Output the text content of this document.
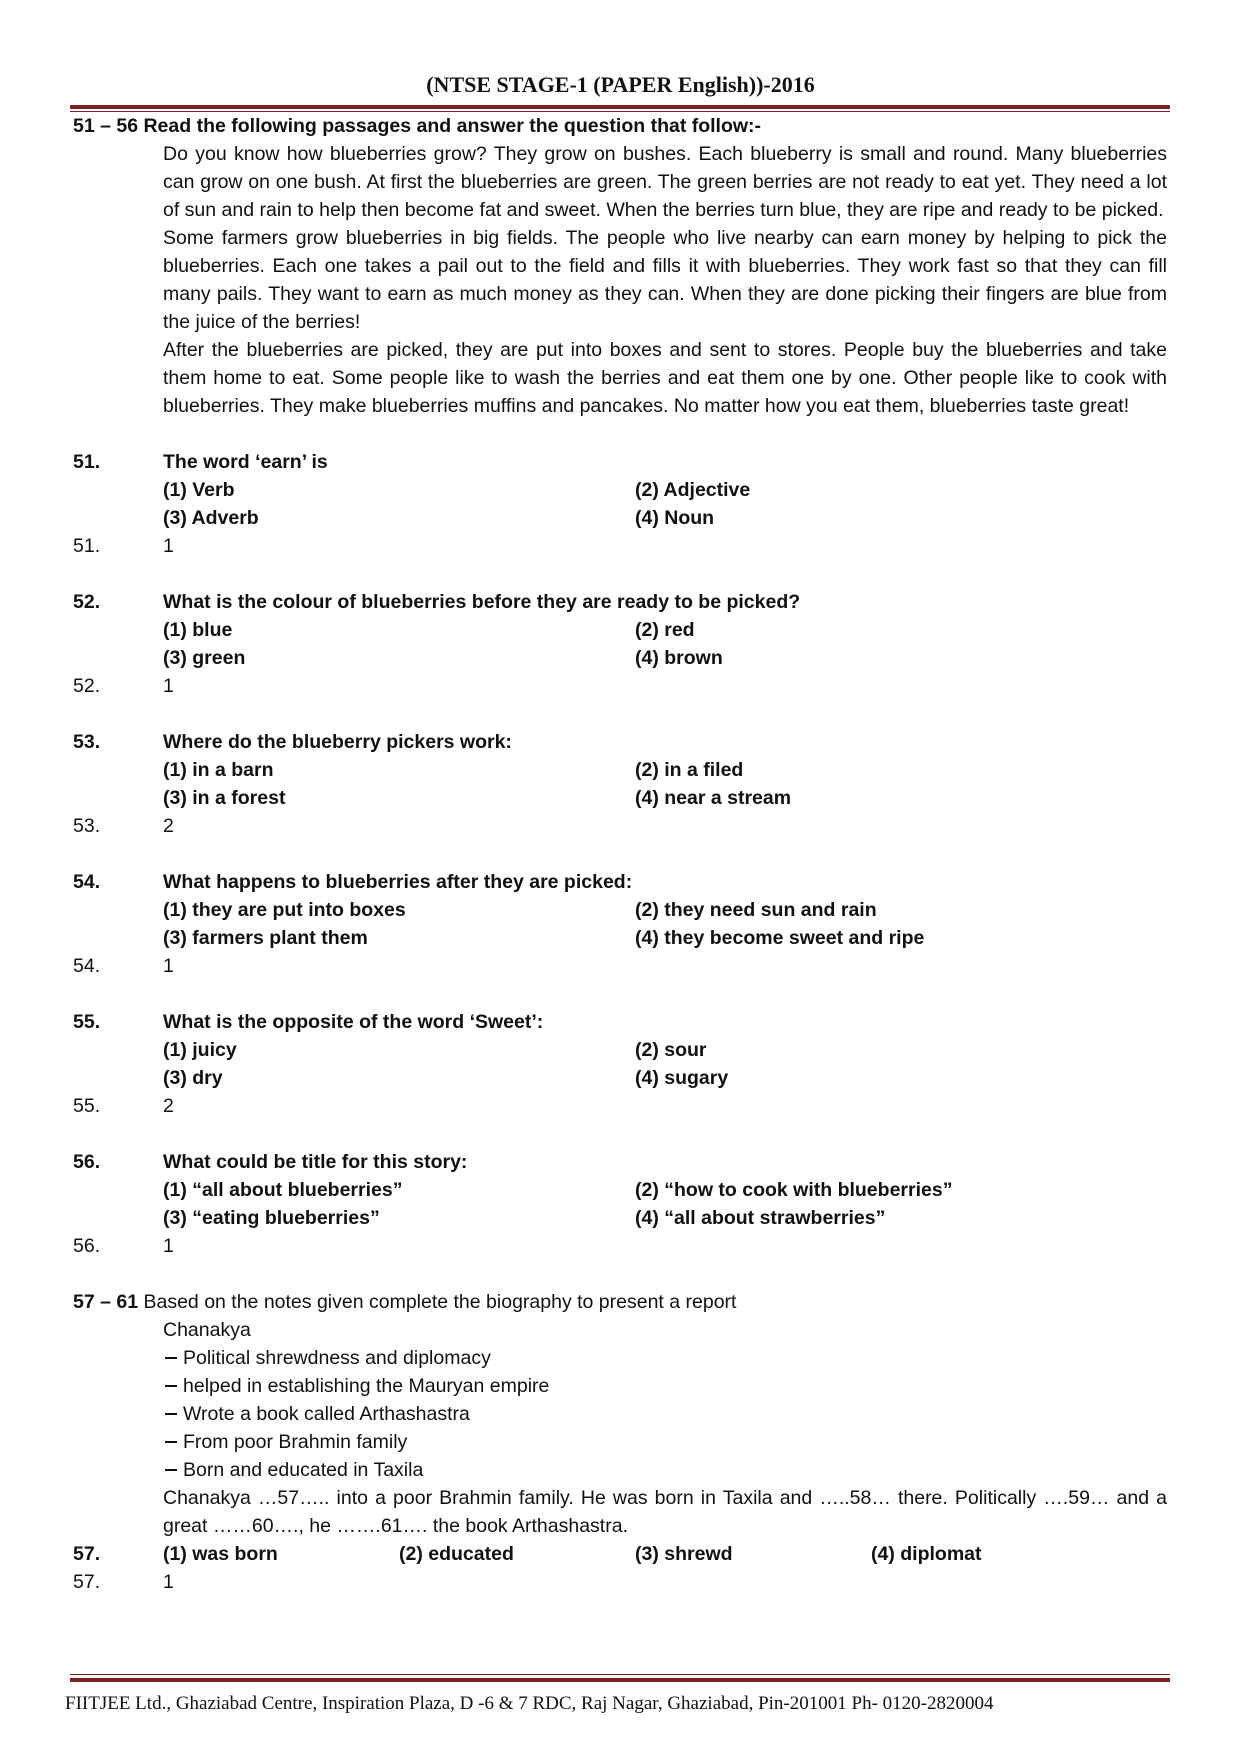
(NTSE STAGE-1 (PAPER English))-2016
51 – 56 Read the following passages and answer the question that follow:-

Do you know how blueberries grow? They grow on bushes. Each blueberry is small and round. Many blueberries can grow on one bush. At first the blueberries are green. The green berries are not ready to eat yet. They need a lot of sun and rain to help then become fat and sweet. When the berries turn blue, they are ripe and ready to be picked.

Some farmers grow blueberries in big fields. The people who live nearby can earn money by helping to pick the blueberries. Each one takes a pail out to the field and fills it with blueberries. They work fast so that they can fill many pails. They want to earn as much money as they can. When they are done picking their fingers are blue from the juice of the berries!

After the blueberries are picked, they are put into boxes and sent to stores. People buy the blueberries and take them home to eat. Some people like to wash the berries and eat them one by one. Other people like to cook with blueberries. They make blueberries muffins and pancakes. No matter how you eat them, blueberries taste great!

51.	The word ‘earn’ is
(1) Verb	(2) Adjective
(3) Adverb	(4) Noun
51.	1
52.	What is the colour of blueberries before they are ready to be picked?
(1) blue	(2) red
(3) green	(4) brown
52.	1
53.	Where do the blueberry pickers work:
(1) in a barn	(2) in a filed
(3) in a forest	(4) near a stream
53.	2
54.	What happens to blueberries after they are picked:
(1) they are put into boxes	(2) they need sun and rain
(3) farmers plant them	(4) they become sweet and ripe
54.	1
55.	What is the opposite of the word ‘Sweet’:
(1) juicy	(2) sour
(3) dry	(4) sugary
55.	2
56.	What could be title for this story:
(1) “all about blueberries”	(2) “how to cook with blueberries”
(3) “eating blueberries”	(4) “all about strawberries”
56.	1
57 – 61 Based on the notes given complete the biography to present a report
Chanakya
Political shrewdness and diplomacy
helped in establishing the Mauryan empire
Wrote a book called Arthashastra
From poor Brahmin family
Born and educated in Taxila
Chanakya …57….. into a poor Brahmin family. He was born in Taxila and …..58… there. Politically ….59… and a great ……60…., he …….61…. the book Arthashastra.
57.	(1) was born	(2) educated	(3) shrewd	(4) diplomat
57.	1
FIITJEE Ltd., Ghaziabad Centre, Inspiration Plaza, D -6 & 7 RDC, Raj Nagar, Ghaziabad, Pin-201001 Ph- 0120-2820004
